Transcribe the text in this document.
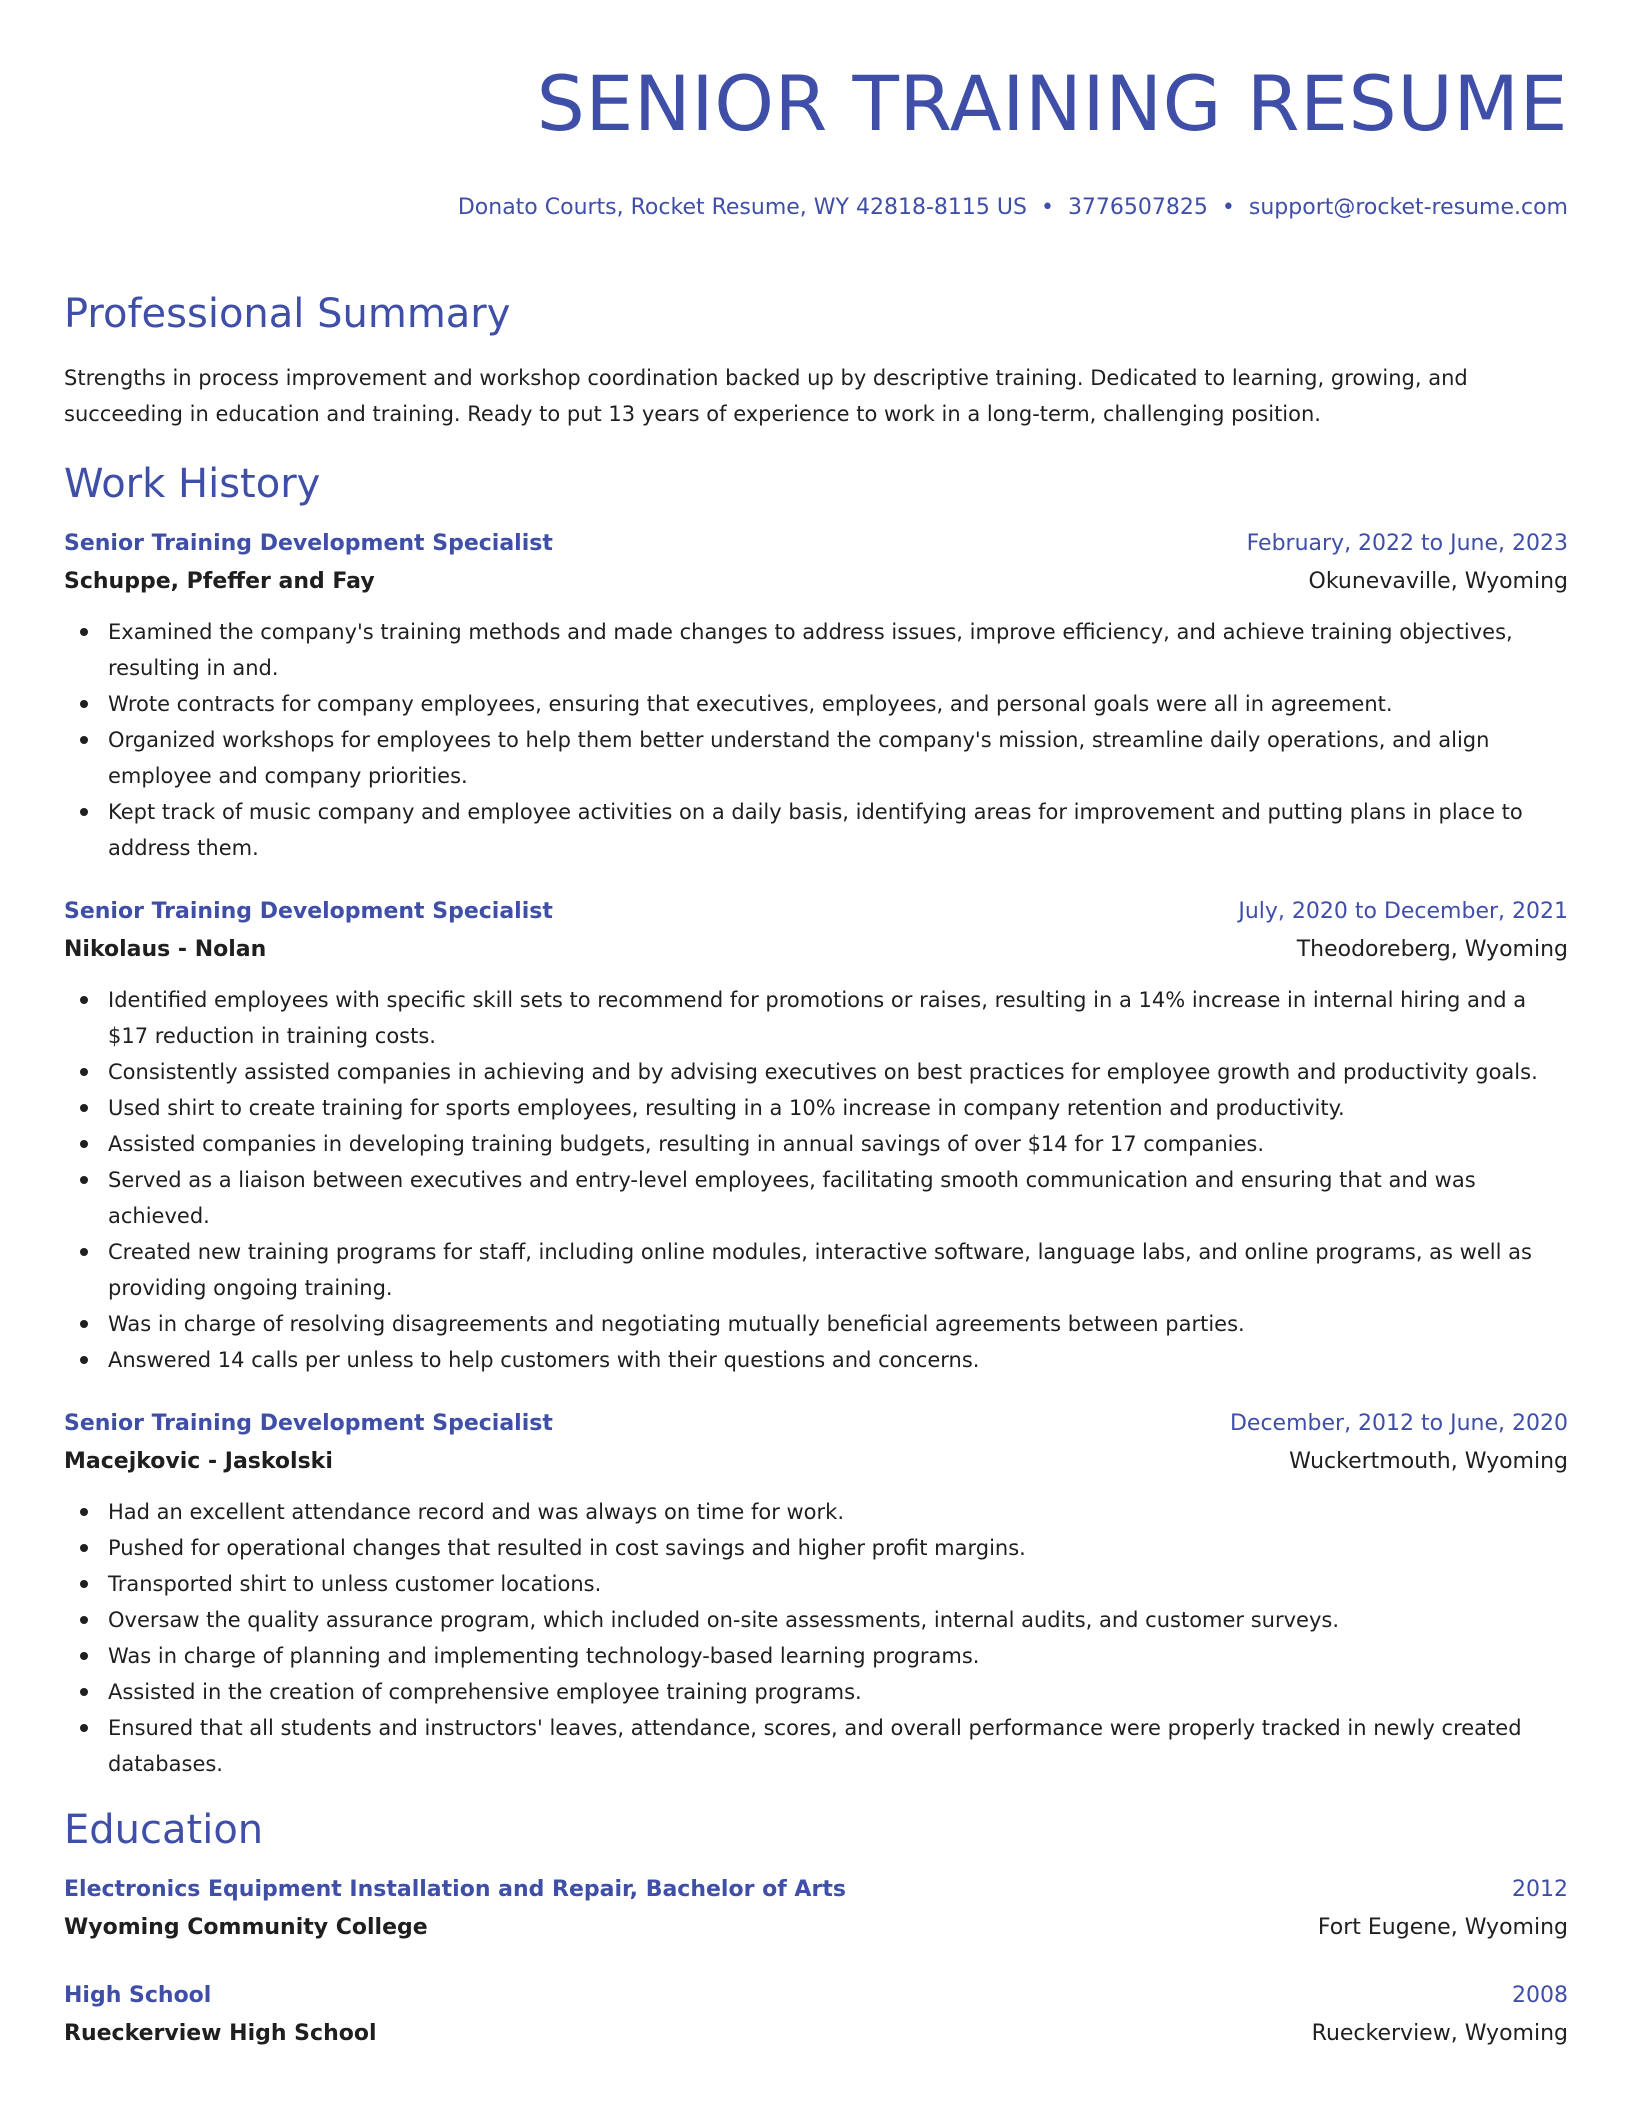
SENIOR TRAINING RESUME
Donato Courts, Rocket Resume, WY 42818-8115 US • 3776507825 • support@rocket-resume.com
Professional Summary

Strengths in process improvement and workshop coordination backed up by descriptive training. Dedicated to learning, growing, and succeeding in education and training. Ready to put 13 years of experience to work in a long-term, challenging position.

Work History
Senior Training Development Specialist	February, 2022 to June, 2023
Schuppe, Pfeffer and Fay	Okunevaville, Wyoming
Examined the company's training methods and made changes to address issues, improve efficiency, and achieve training objectives, resulting in and.
Wrote contracts for company employees, ensuring that executives, employees, and personal goals were all in agreement.
Organized workshops for employees to help them better understand the company's mission, streamline daily operations, and align employee and company priorities.
Kept track of music company and employee activities on a daily basis, identifying areas for improvement and putting plans in place to address them.
Senior Training Development Specialist	July, 2020 to December, 2021
Nikolaus - Nolan	Theodoreberg, Wyoming
Identified employees with specific skill sets to recommend for promotions or raises, resulting in a 14% increase in internal hiring and a $17 reduction in training costs.
Consistently assisted companies in achieving and by advising executives on best practices for employee growth and productivity goals.
Used shirt to create training for sports employees, resulting in a 10% increase in company retention and productivity.
Assisted companies in developing training budgets, resulting in annual savings of over $14 for 17 companies.
Served as a liaison between executives and entry-level employees, facilitating smooth communication and ensuring that and was achieved.
Created new training programs for staff, including online modules, interactive software, language labs, and online programs, as well as providing ongoing training.
Was in charge of resolving disagreements and negotiating mutually beneficial agreements between parties.
Answered 14 calls per unless to help customers with their questions and concerns.
Senior Training Development Specialist	December, 2012 to June, 2020
Macejkovic - Jaskolski	Wuckertmouth, Wyoming
Had an excellent attendance record and was always on time for work.
Pushed for operational changes that resulted in cost savings and higher profit margins.
Transported shirt to unless customer locations.
Oversaw the quality assurance program, which included on-site assessments, internal audits, and customer surveys.
Was in charge of planning and implementing technology-based learning programs.
Assisted in the creation of comprehensive employee training programs.
Ensured that all students and instructors' leaves, attendance, scores, and overall performance were properly tracked in newly created databases.
Education
Electronics Equipment Installation and Repair, Bachelor of Arts	2012
Wyoming Community College	Fort Eugene, Wyoming
High School	2008
Rueckerview High School	Rueckerview, Wyoming
